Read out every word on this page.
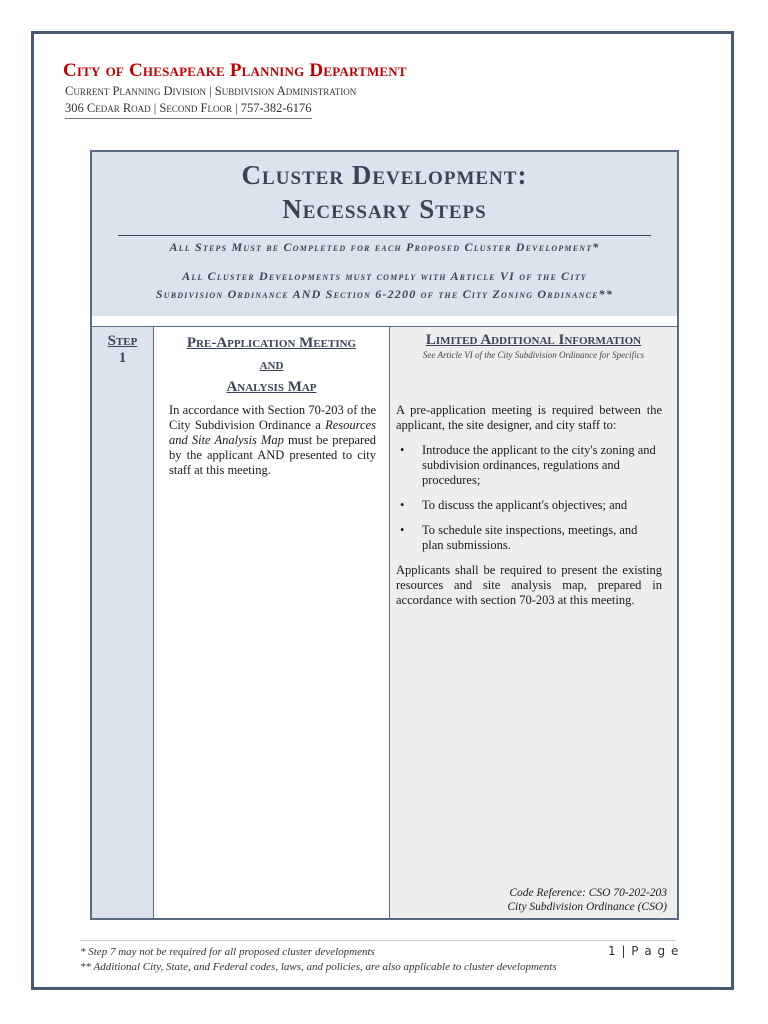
City of Chesapeake Planning Department
Current Planning Division | Subdivision Administration
306 Cedar Road | Second Floor | 757-382-6176
Cluster Development:
Necessary Steps
All Steps Must be Completed for each Proposed Cluster Development*
All Cluster Developments must comply with Article VI of the City
Subdivision Ordinance AND Section 6-2200 of the City Zoning Ordinance**
Step
1
Pre-Application Meeting
and
Analysis Map
In accordance with Section 70-203 of the City Subdivision Ordinance a Resources and Site Analysis Map must be prepared by the applicant AND presented to city staff at this meeting.
Limited Additional Information
See Article VI of the City Subdivision Ordinance for Specifics

A pre-application meeting is required between the applicant, the site designer, and city staff to:

• Introduce the applicant to the city's zoning and subdivision ordinances, regulations and procedures;
• To discuss the applicant's objectives; and
• To schedule site inspections, meetings, and plan submissions.

Applicants shall be required to present the existing resources and site analysis map, prepared in accordance with section 70-203 at this meeting.

Code Reference: CSO 70-202-203
City Subdivision Ordinance (CSO)
* Step 7 may not be required for all proposed cluster developments
** Additional City, State, and Federal codes, laws, and policies, are also applicable to cluster developments
1 | P a g e
